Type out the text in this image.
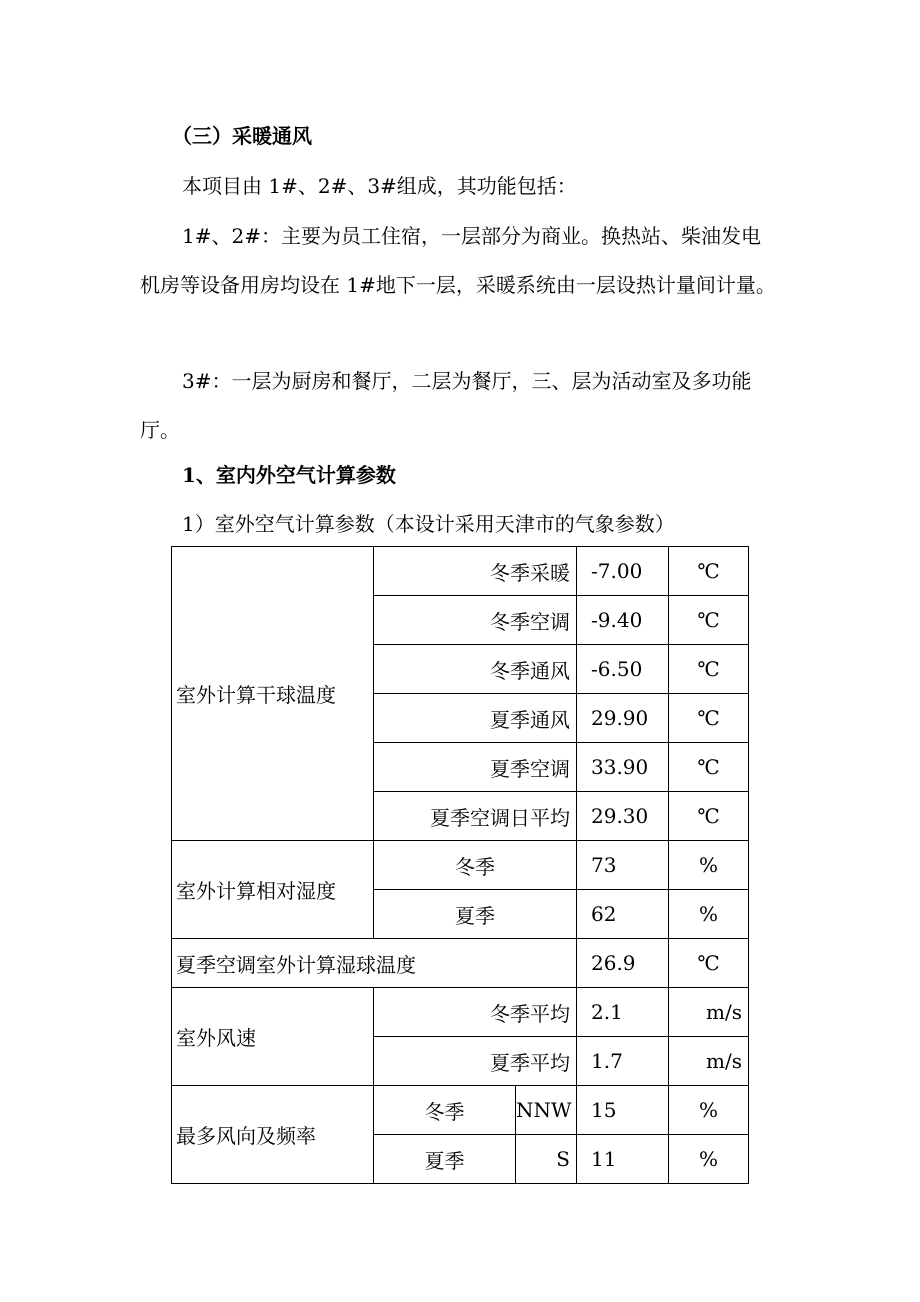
（三）采暖通风
本项目由 1#、2#、3#组成，其功能包括：
1#、2#：主要为员工住宿，一层部分为商业。换热站、柴油发电机房等设备用房均设在 1#地下一层，采暖系统由一层设热计量间计量。
3#：一层为厨房和餐厅，二层为餐厅，三、层为活动室及多功能厅。
1、室内外空气计算参数
1）室外空气计算参数（本设计采用天津市的气象参数）
室外计算干球温度	冬季采暖		-7.00	℃
	冬季空调		-9.40	℃
	冬季通风		-6.50	℃
	夏季通风		29.90	℃
	夏季空调		33.90	℃
	夏季空调日平均		29.30	℃
室外计算相对湿度	冬季		73	%
	夏季		62	%
夏季空调室外计算湿球温度			26.9	℃
室外风速	冬季平均		2.1	m/s
	夏季平均		1.7	m/s
最多风向及频率	冬季	NNW	15	%
	夏季	S	11	%
